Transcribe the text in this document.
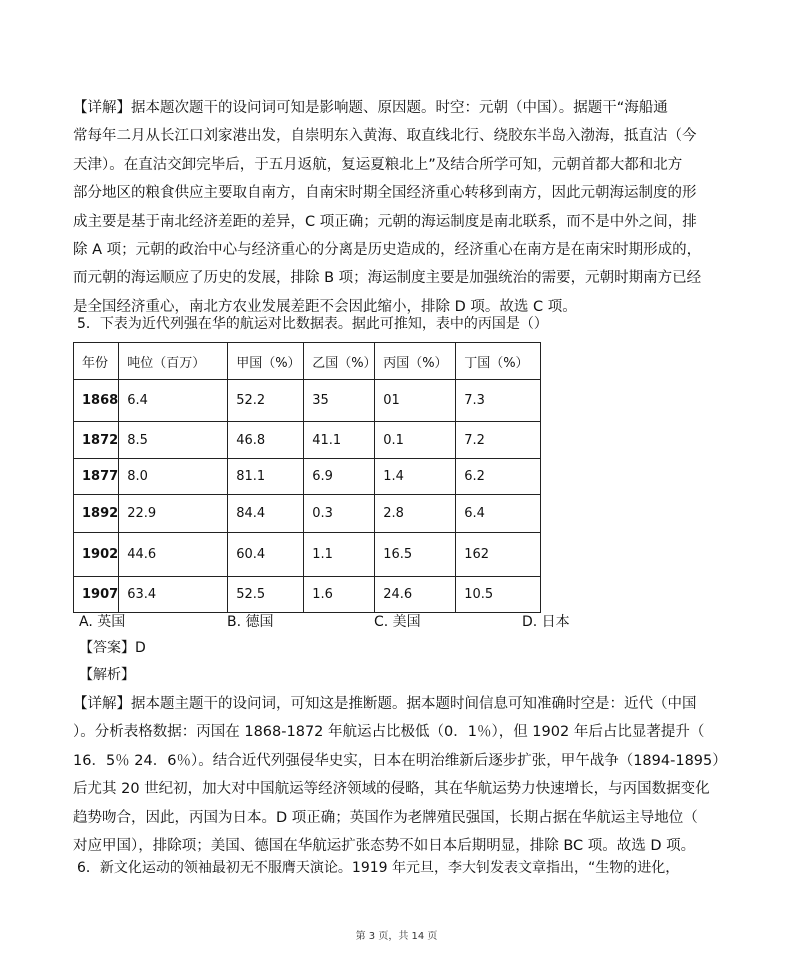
【详解】据本题次题干的设问词可知是影响题、原因题。时空：元朝（中国）。据题干“海船通
常每年二月从长江口刘家港出发，自崇明东入黄海、取直线北行、绕胶东半岛入渤海，抵直沽（今
天津）。在直沽交卸完毕后，于五月返航，复运夏粮北上”及结合所学可知，元朝首都大都和北方
部分地区的粮食供应主要取自南方，自南宋时期全国经济重心转移到南方，因此元朝海运制度的形
成主要是基于南北经济差距的差异，C 项正确；元朝的海运制度是南北联系，而不是中外之间，排
除 A 项；元朝的政治中心与经济重心的分离是历史造成的，经济重心在南方是在南宋时期形成的，
而元朝的海运顺应了历史的发展，排除 B 项；海运制度主要是加强统治的需要，元朝时期南方已经
是全国经济重心，南北方农业发展差距不会因此缩小，排除 D 项。故选 C 项。
5．下表为近代列强在华的航运对比数据表。据此可推知，表中的丙国是（）
年份	吨位（百万）	甲国（%）	乙国（%）	丙国（%）	丁国（%）
1868	6.4	52.2	35	01	7.3
1872	8.5	46.8	41.1	0.1	7.2
1877	8.0	81.1	6.9	1.4	6.2
1892	22.9	84.4	0.3	2.8	6.4
1902	44.6	60.4	1.1	16.5	162
1907	63.4	52.5	1.6	24.6	10.5
A. 英国	B. 德国	C. 美国	D. 日本
【答案】D
【解析】
【详解】据本题主题干的设问词，可知这是推断题。据本题时间信息可知准确时空是：近代（中国
）。分析表格数据：丙国在 1868-1872 年航运占比极低（0．1％），但 1902 年后占比显著提升（
16．5％ 24．6％）。结合近代列强侵华史实，日本在明治维新后逐步扩张，甲午战争（1894-1895）
后尤其 20 世纪初，加大对中国航运等经济领域的侵略，其在华航运势力快速增长，与丙国数据变化
趋势吻合，因此，丙国为日本。D 项正确；英国作为老牌殖民强国，长期占据在华航运主导地位（
对应甲国），排除项；美国、德国在华航运扩张态势不如日本后期明显，排除 BC 项。故选 D 项。
6．新文化运动的领袖最初无不服膺天演论。1919 年元旦，李大钊发表文章指出，“生物的进化，
第 3 页，共 14 页
